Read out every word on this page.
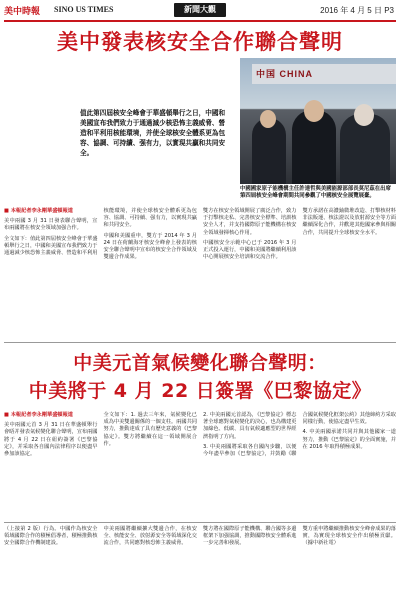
美中時報 SINO US TIMES	新聞大觀	2016 年 4 月 5 日 P3
美中發表核安全合作聯合聲明
值此第四屆核安全峰會于華盛頓舉行之日，中國和美國宣布我們致力于通過減少核恐怖主義威脅、營造和平利用核能環境，并使全球核安全體系更為包容、協調、可持續、强有力，以實現共贏和共同安全。
中国 CHINA
中國國家原子能機構主任許達哲與美國能源部部長莫尼茲在出席第四屆核安全峰會期間共同參觀了中國核安全展覽展臺。

■ 本報記者李永剛華盛頓報道

美中兩國 3 月 31 日發表聯合聲明，宣布兩國將在核安全領域加强合作。

全文如下：值此第四屆核安全峰會于華盛頓舉行之日，中國和美國宣布我們致力于通過減少核恐怖主義威脅、營造和平利用核能環境，并使全球核安全體系更為包容、協調、可持續、强有力，以實現共贏和共同安全。

中國和美國重申，雙方于 2014 年 3 月 24 日在荷蘭海牙核安全峰會上發表的核安全聯合聲明中宣布的核安全合作領域及雙邊合作成果。

雙方在核安全領域開展了廣泛合作，致力于打擊核走私、完善核安全標準、培訓核安全人才，并支持國際原子能機構在核安全領域發揮核心作用。

中國核安全示範中心已于 2016 年 3 月正式投入運行，中國和美國將繼續利用該中心開展核安全培訓和交流合作。

雙方承諾在高濃鈾微堆改造、打擊核材料非法販運、核法證以及放射源安全等方面繼續深化合作，并歡迎其他國家參與相關合作，共同提升全球核安全水平。

中美元首氣候變化聯合聲明：
中美將于 4 月 22 日簽署《巴黎協定》

■ 本報記者李永剛華盛頓報道

美中兩國元首 3 月 31 日在華盛頓舉行會晤并發表氣候變化聯合聲明，宣布兩國將于 4 月 22 日在紐約簽署《巴黎協定》，并采取各自國內法律程序以便盡早參加該協定。

全文如下：1. 過去三年來，氣候變化已成為中美雙邊關係的一個支柱。兩國共同努力，推動達成了具有歷史意義的《巴黎協定》。雙方將繼續在這一領域開展合作。

2. 中美兩國元首認為，《巴黎協定》標志著全球應對氣候變化的決心，也為構建更加綠色、低碳、具有氣候適應型的世界經濟指明了方向。

3. 中美兩國將采取各自國內步驟，以便今年盡早參加《巴黎協定》，并鼓勵《聯合國氣候變化框架公約》其他締約方采取同樣行動，使協定盡早生效。

4. 中美兩國承諾共同并與其他國家一道努力，推動《巴黎協定》的全面實施，并在 2016 年取得積極成果。

（上接第 2 版）行為。中國作為核安全領域國際合作的積極倡導者，積極推動核安全國際合作機制建設。

中美兩國將繼續擴大雙邊合作，在核安全、核能安全、放射源安全等領域深化交流合作，共同應對核恐怖主義威脅。

雙方將在國際原子能機構、聯合國等多邊框架下加强協調，推動國際核安全體系進一步完善和發展。

雙方重申將繼續推動核安全峰會成果的落實，為實現全球核安全作出積極貢獻。（據中新社電）
